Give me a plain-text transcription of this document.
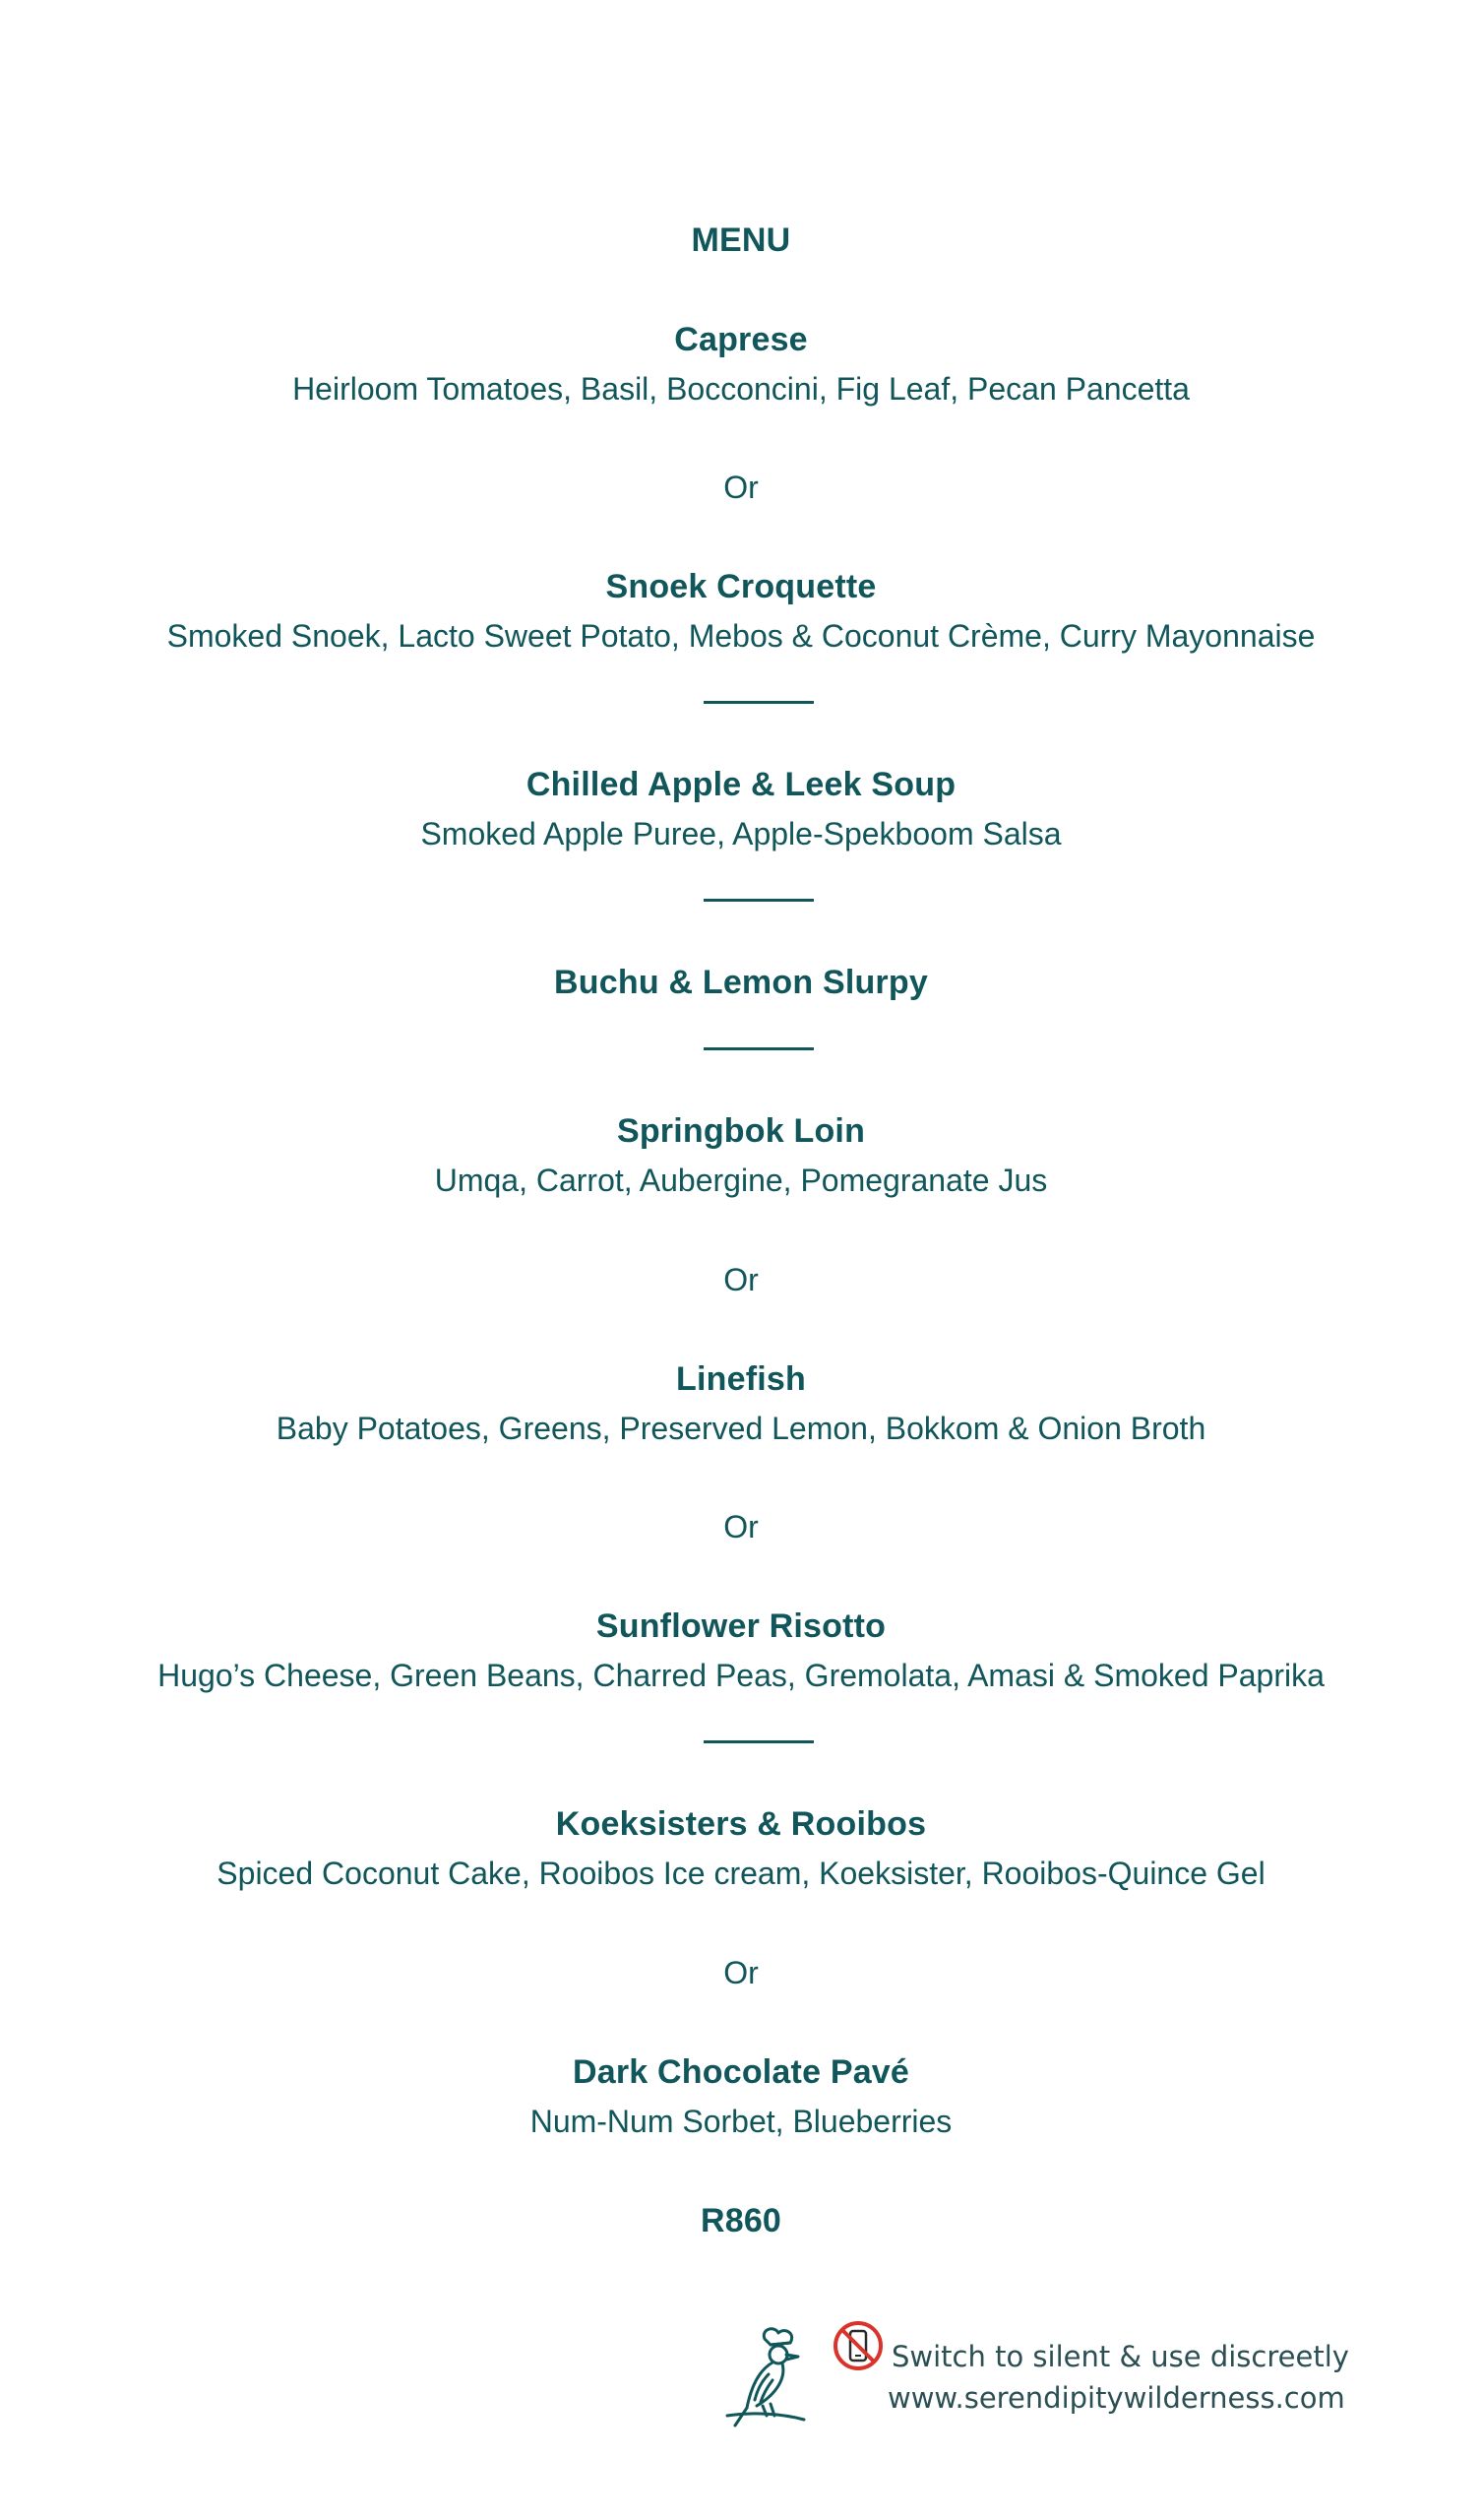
MENU
Caprese
Heirloom Tomatoes, Basil, Bocconcini, Fig Leaf, Pecan Pancetta
Or
Snoek Croquette
Smoked Snoek, Lacto Sweet Potato, Mebos & Coconut Crème, Curry Mayonnaise
Chilled Apple & Leek Soup
Smoked Apple Puree, Apple-Spekboom Salsa
Buchu & Lemon Slurpy
Springbok Loin
Umqa, Carrot, Aubergine, Pomegranate Jus
Or
Linefish
Baby Potatoes, Greens, Preserved Lemon, Bokkom & Onion Broth
Or
Sunflower Risotto
Hugo’s Cheese, Green Beans, Charred Peas, Gremolata, Amasi & Smoked Paprika
Koeksisters & Rooibos
Spiced Coconut Cake, Rooibos Ice cream, Koeksister, Rooibos-Quince Gel
Or
Dark Chocolate Pavé
Num-Num Sorbet, Blueberries
R860
Switch to silent & use discreetly
www.serendipitywilderness.com
